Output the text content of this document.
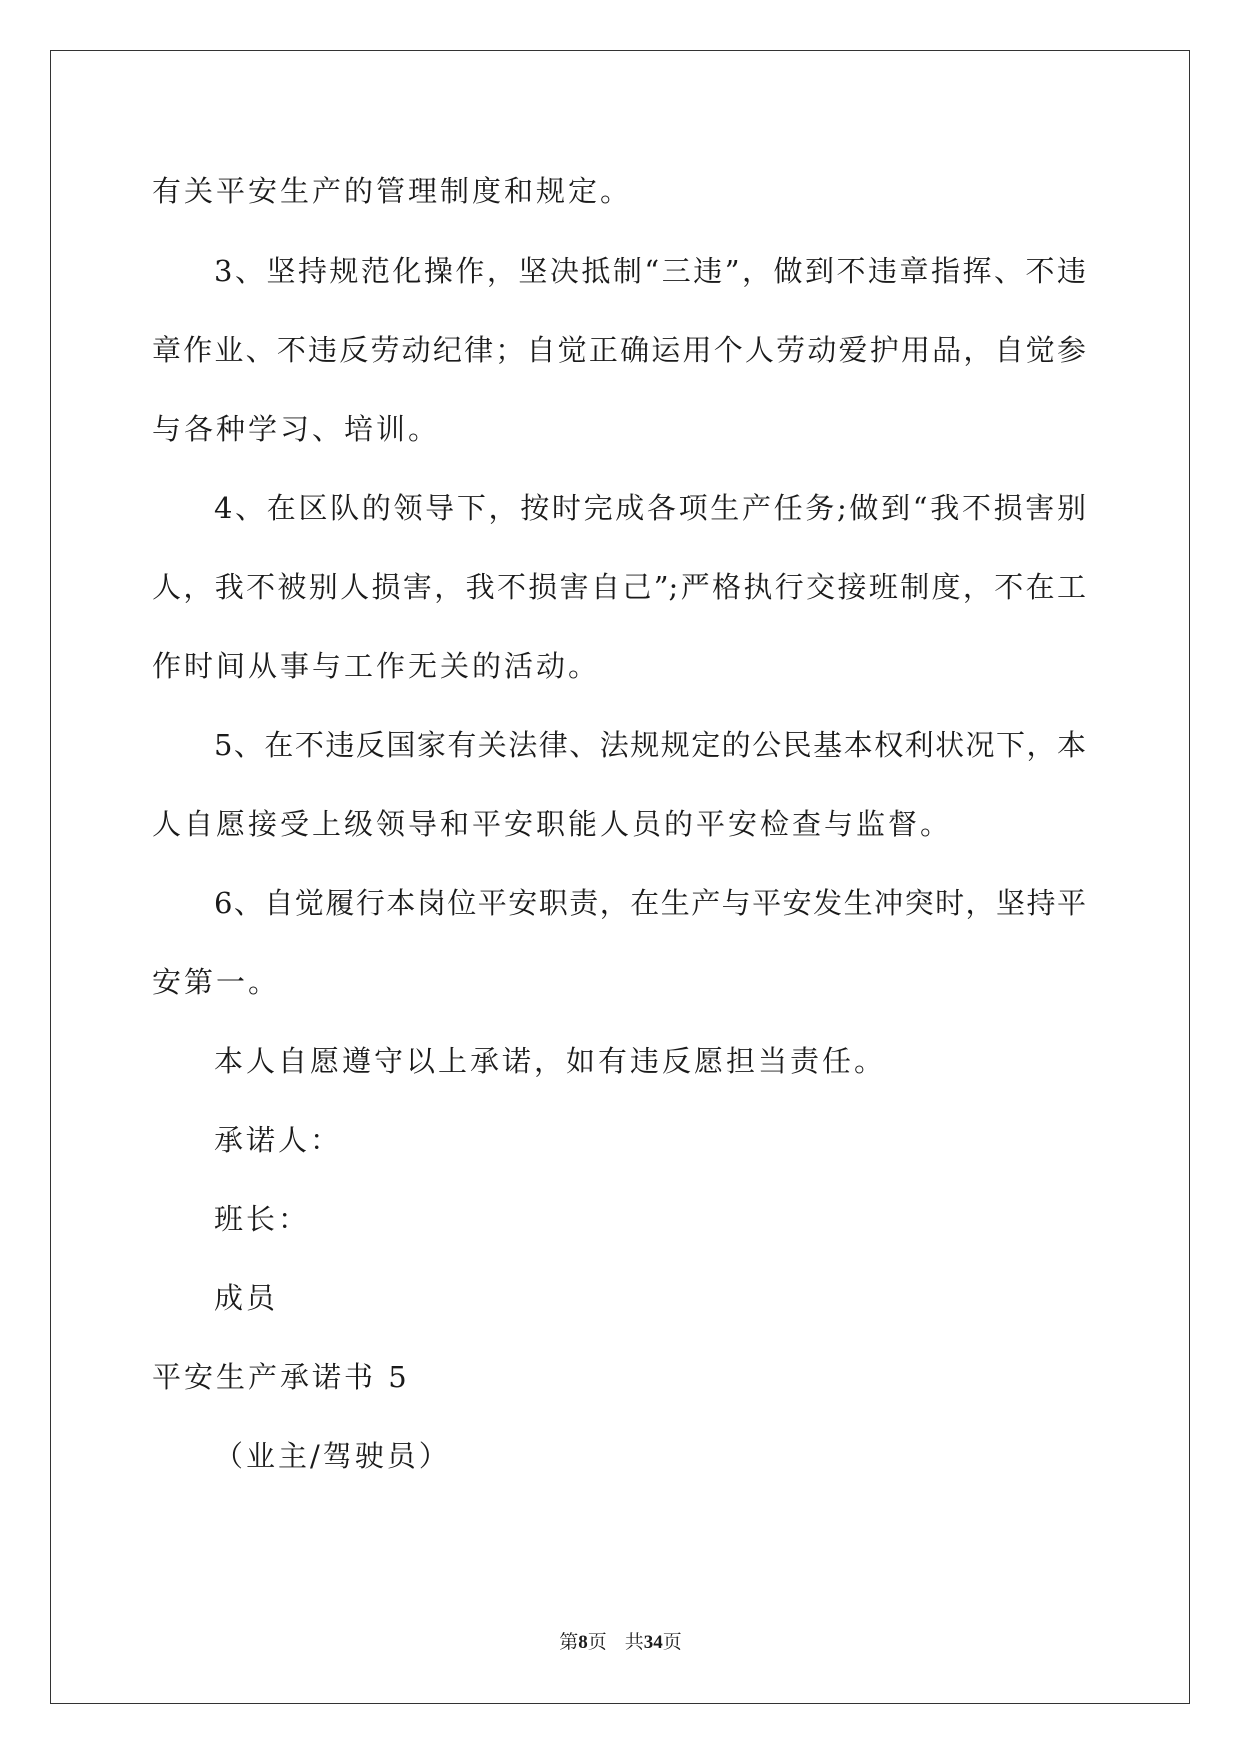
有关平安生产的管理制度和规定。
3、坚持规范化操作，坚决抵制“三违”，做到不违章指挥、不违
章作业、不违反劳动纪律；自觉正确运用个人劳动爱护用品，自觉参
与各种学习、培训。
4、在区队的领导下，按时完成各项生产任务;做到“我不损害别
人，我不被别人损害，我不损害自己”;严格执行交接班制度，不在工
作时间从事与工作无关的活动。
5、在不违反国家有关法律、法规规定的公民基本权利状况下，本
人自愿接受上级领导和平安职能人员的平安检查与监督。
6、自觉履行本岗位平安职责，在生产与平安发生冲突时，坚持平
安第一。
本人自愿遵守以上承诺，如有违反愿担当责任。
承诺人：
班长：
成员
平安生产承诺书 5
（业主/驾驶员）
第8页 共34页
